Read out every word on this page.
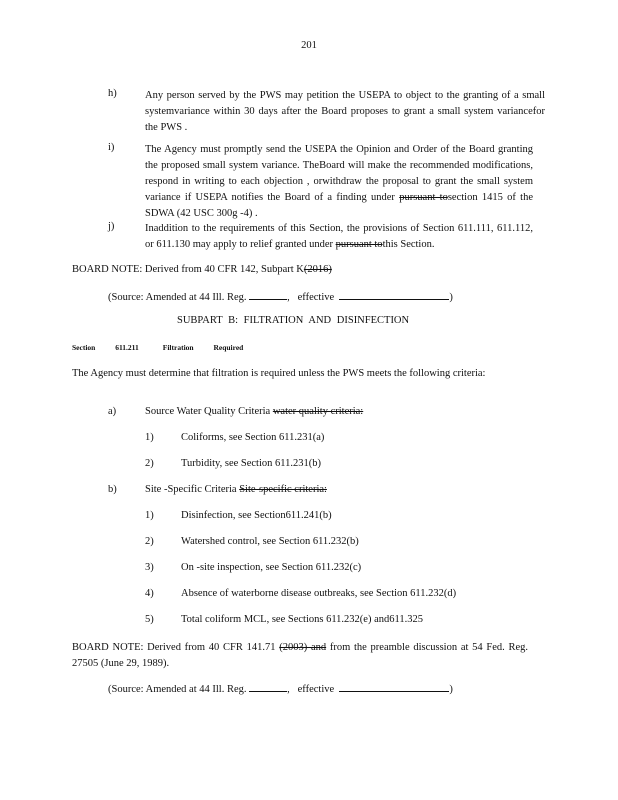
201
h)	Any person served by the PWS may petition the USEPA to object to the granting of a small systemvariance within 30 days after the Board proposes to grant a small system variancefor the PWS .
i)	The Agency must promptly send the USEPA the Opinion and Order of the Board granting the proposed small system variance. TheBoard will make the recommended modifications, respond in writing to each objection , orwithdraw the proposal to grant the small system variance if USEPA notifies the Board of a finding under pursuant tosection 1415 of the SDWA (42 USC 300g -4) .
j)	Inaddition to the requirements of this Section, the provisions of Section 611.111, 611.112, or 611.130 may apply to relief granted under pursuant tothis Section.
BOARD NOTE: Derived from 40 CFR 142, Subpart K(2016)
(Source: Amended at 44 Ill. Reg.	, effective	)
SUBPART B: FILTRATION AND DISINFECTION
Section 611.211	Filtration Required
The Agency must determine that filtration is required unless the PWS meets the following criteria:
a)	Source Water Quality Criteria water quality criteria:
1)	Coliforms, see Section 611.231(a)
2)	Turbidity, see Section 611.231(b)
b)	Site -Specific Criteria Site-specific criteria:
1)	Disinfection, see Section611.241(b)
2)	Watershed control, see Section 611.232(b)
3)	On -site inspection, see Section 611.232(c)
4)	Absence of waterborne disease outbreaks, see Section 611.232(d)
5)	Total coliform MCL, see Sections 611.232(e) and611.325
BOARD NOTE: Derived from 40 CFR 141.71 (2003) and from the preamble discussion at 54 Fed. Reg. 27505 (June 29, 1989).
(Source: Amended at 44 Ill. Reg.	, effective	)
